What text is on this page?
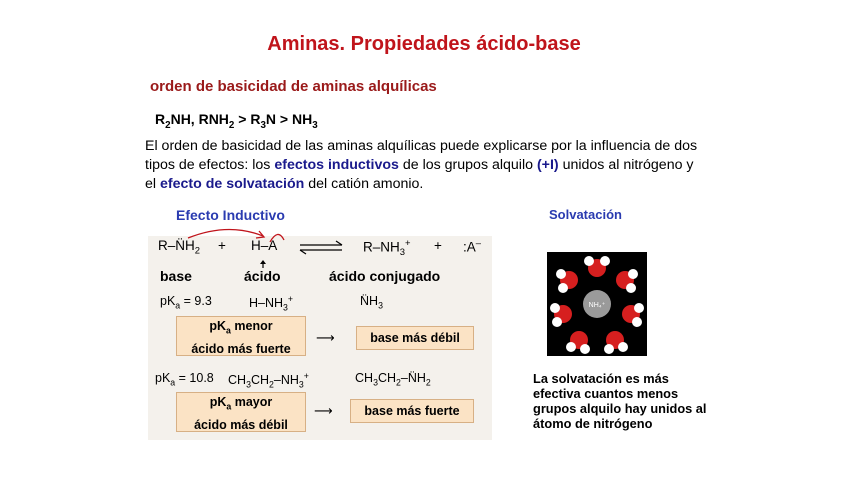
Aminas. Propiedades ácido-base
orden de basicidad de aminas alquílicas
$R_2NH$, $RNH_2 > R_3N > NH_3$
El orden de basicidad de las aminas alquílicas puede explicarse por la influencia de dos tipos de efectos: los efectos inductivos de los grupos alquilo (+I) unidos al nitrógeno y el efecto de solvatación del catión amonio.
Efecto Inductivo
$R-N̈H_2 + H-A$	$R-NH_3^+$ + :A–
base	ácido	ácido conjugado
$pK_a = 9.3$	$H-NH_3^+$	$N̈H_3$
$pK_a$ menor
ácido más fuerte
⟶	base más débil
$pK_a = 10.8$ $CH_3CH_2-NH_3^+$	$CH_3CH_2-N̈H_2$
$pK_a$ mayor
ácido más débil
⟶	base más fuerte
Solvatación
NH₄⁺
La solvatación es más efectiva cuantos menos grupos alquilo hay unidos al átomo de nitrógeno
